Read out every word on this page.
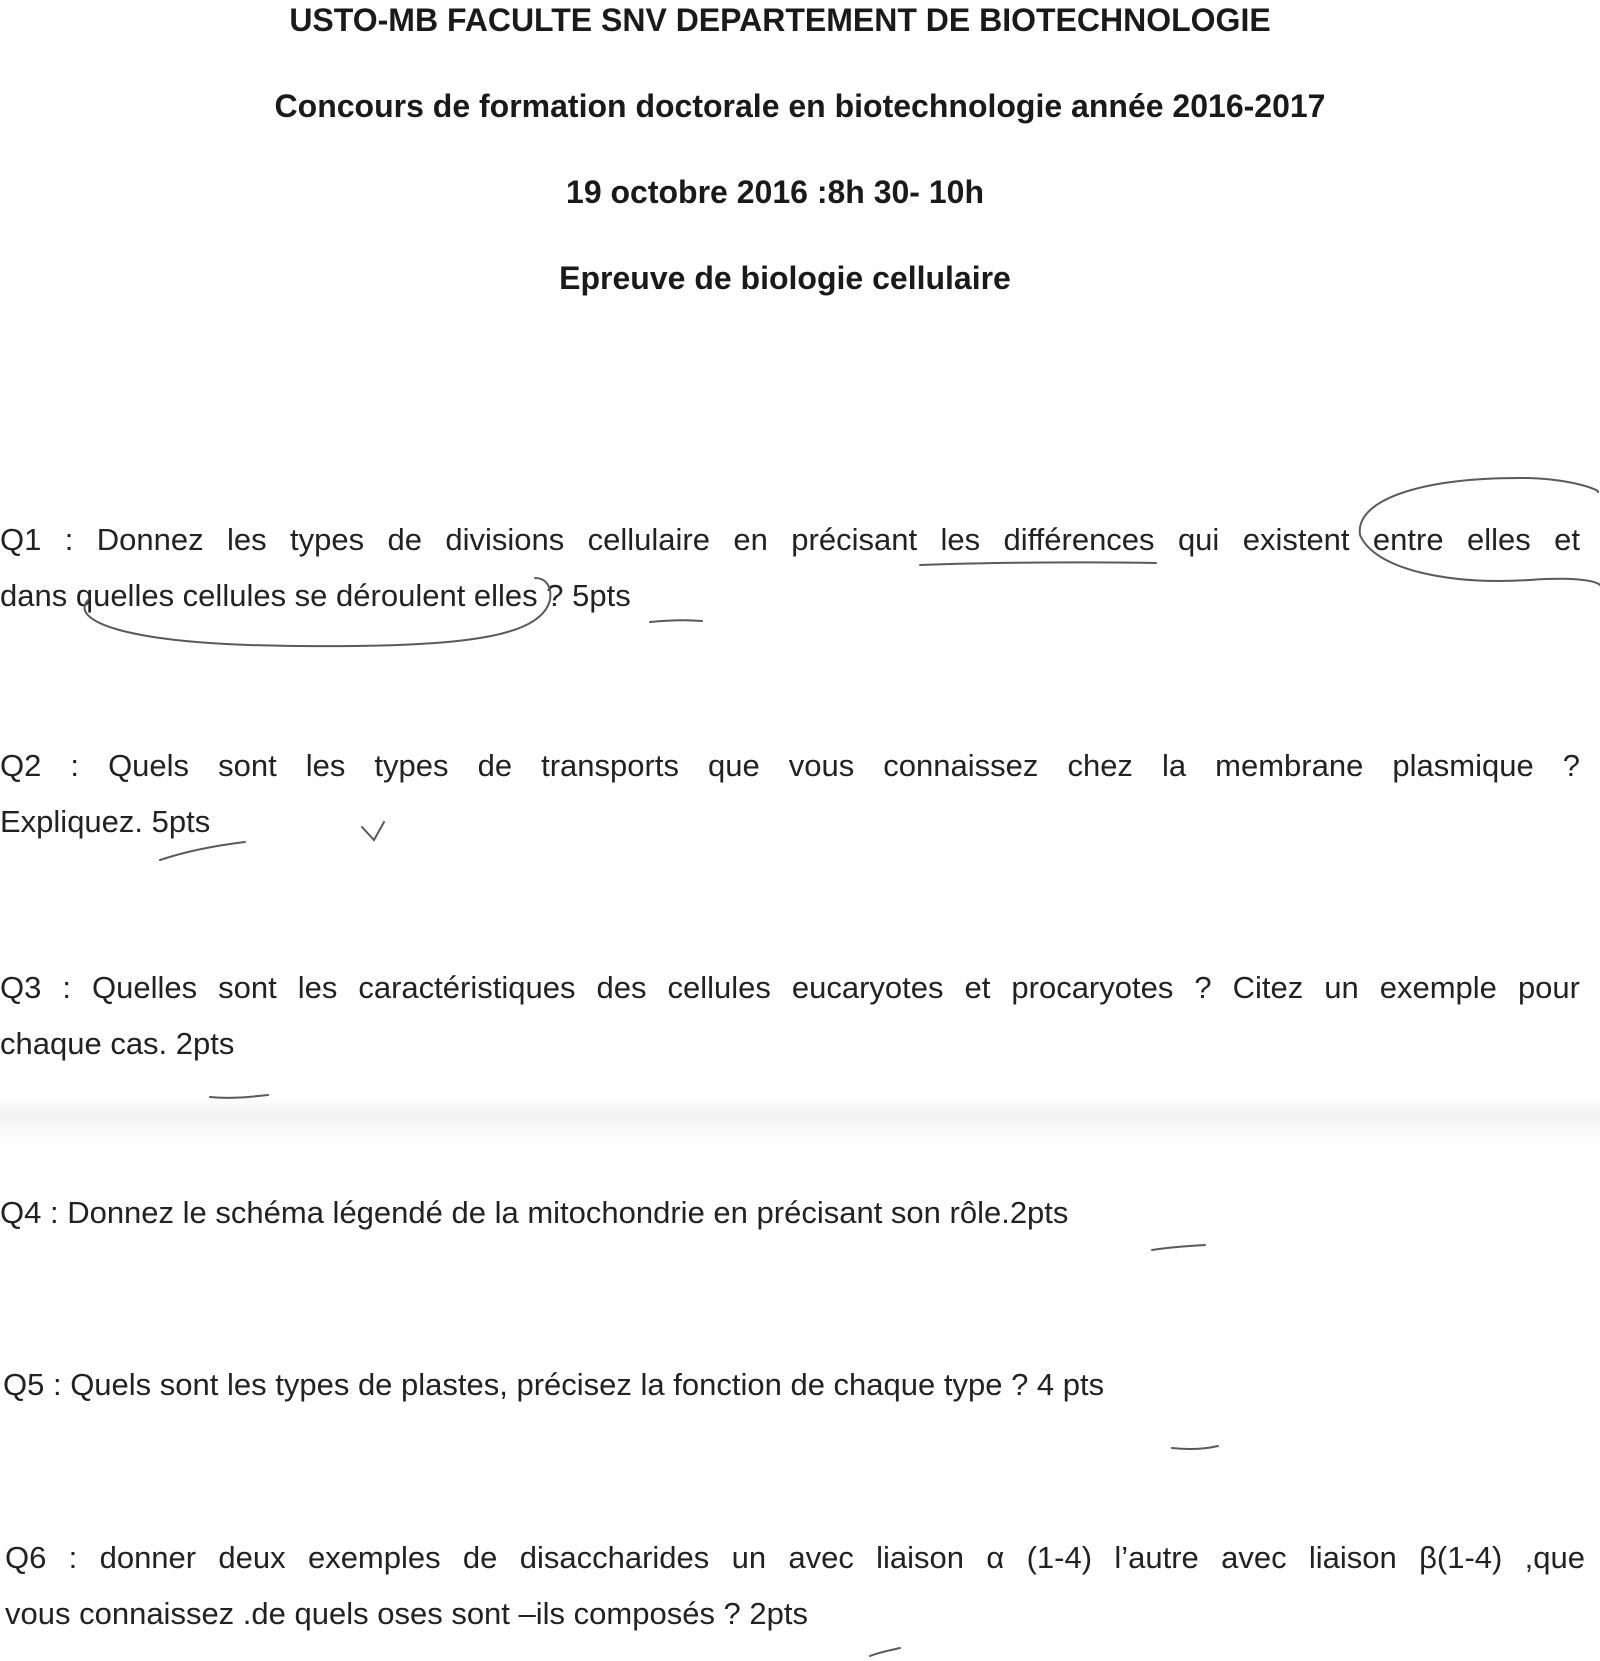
USTO-MB FACULTE SNV DEPARTEMENT DE BIOTECHNOLOGIE
Concours de formation doctorale en biotechnologie année 2016-2017
19 octobre 2016 :8h 30- 10h
Epreuve de biologie cellulaire
Q1 : Donnez les types de divisions cellulaire en précisant les différences qui existent entre elles et
dans quelles cellules se déroulent elles ? 5pts
Q2 : Quels sont les types de transports que vous connaissez chez la membrane plasmique ?
Expliquez. 5pts
Q3 : Quelles sont les caractéristiques des cellules eucaryotes et procaryotes ? Citez un exemple pour
chaque cas. 2pts
Q4 : Donnez le schéma légendé de la mitochondrie en précisant son rôle.2pts
Q5 : Quels sont les types de plastes, précisez la fonction de chaque type ? 4 pts
Q6 : donner deux exemples de disaccharides un avec liaison α (1-4) l’autre avec liaison β(1-4) ,que
vous connaissez .de quels oses sont –ils composés ? 2pts
